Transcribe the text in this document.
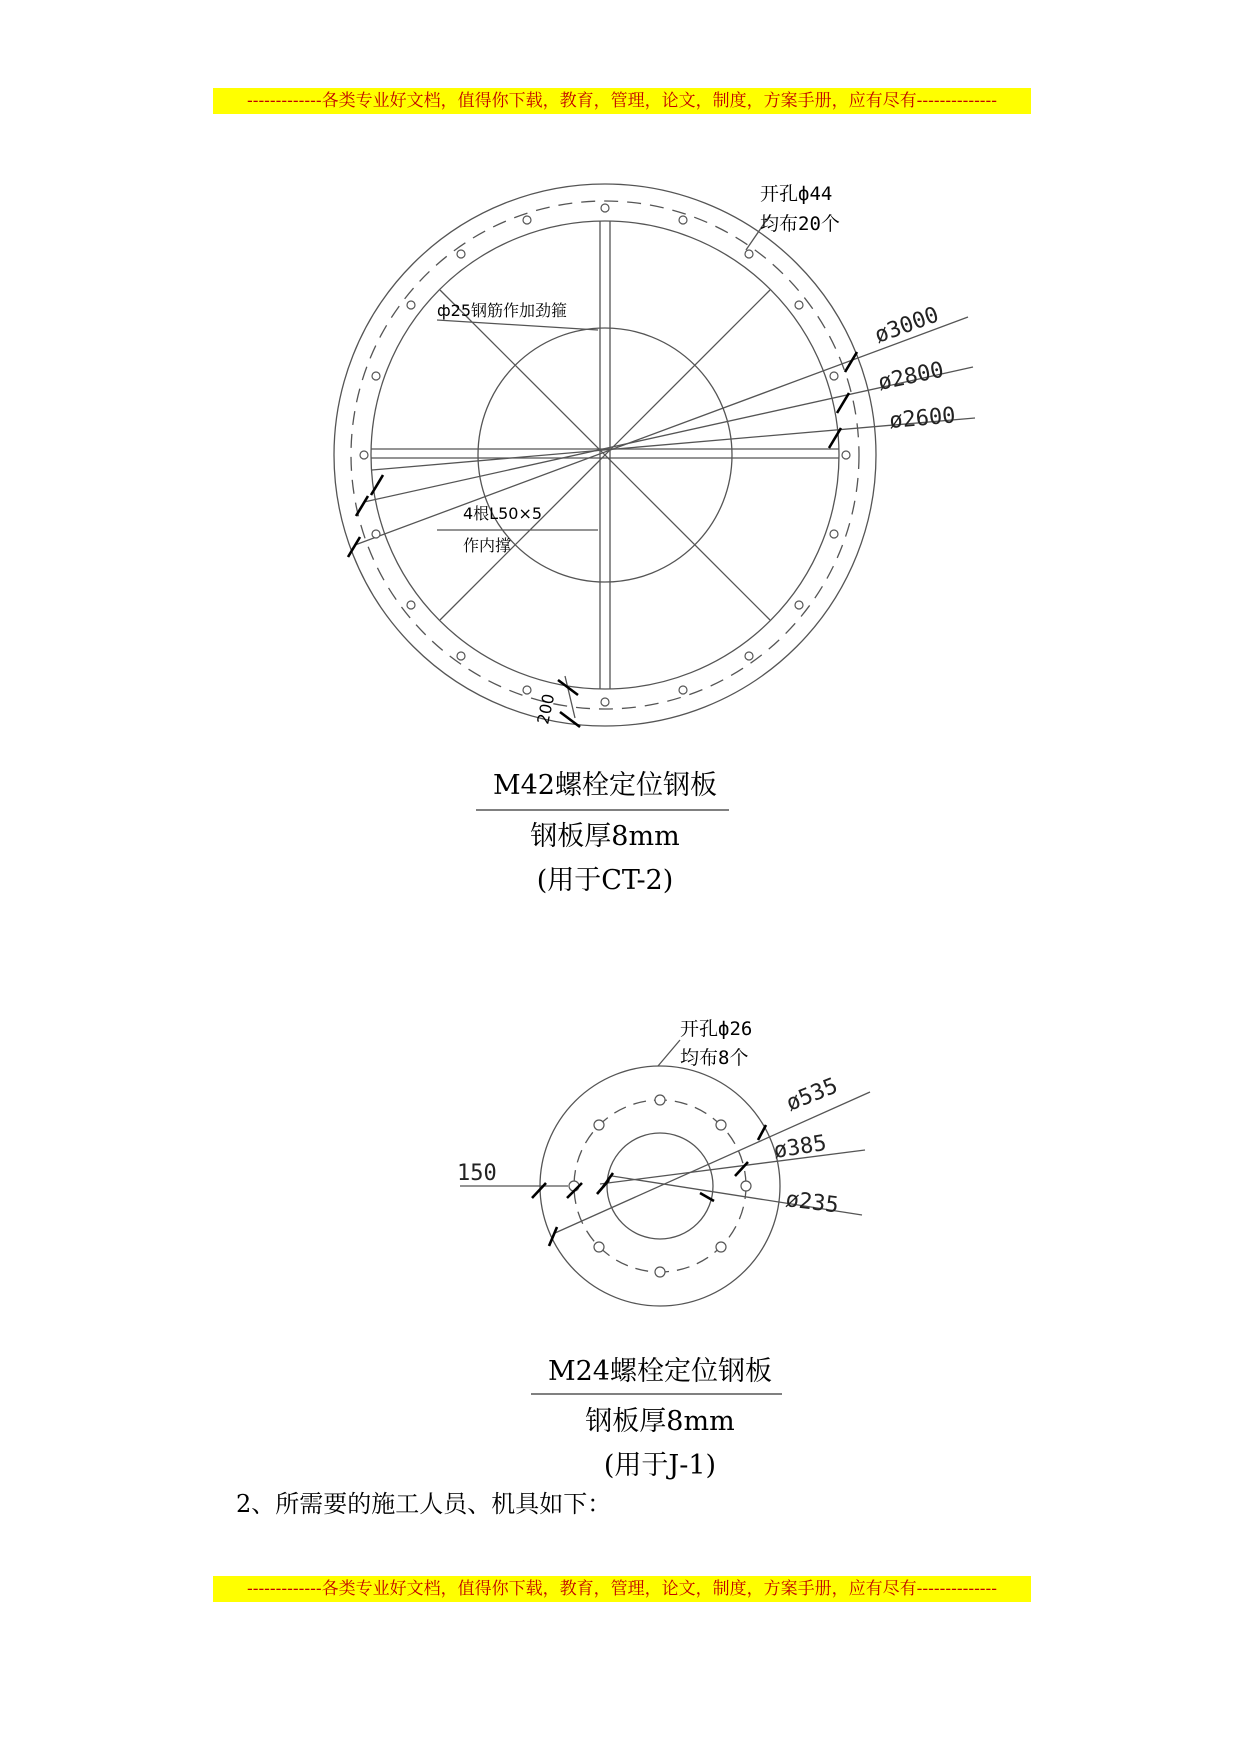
-------------各类专业好文档，值得你下载，教育，管理，论文，制度，方案手册，应有尽有--------------
开孔ф44
均布20个
ф25钢筋作加劲箍
4根L50×5
作内撑
ø3000
ø2800
ø2600
200
M42螺栓定位钢板
钢板厚8mm
(用于CT-2)
开孔ф26
均布8个
ø535
ø385
ø235
150
M24螺栓定位钢板
钢板厚8mm
(用于J-1)
2、所需要的施工人员、机具如下：
-------------各类专业好文档，值得你下载，教育，管理，论文，制度，方案手册，应有尽有--------------
